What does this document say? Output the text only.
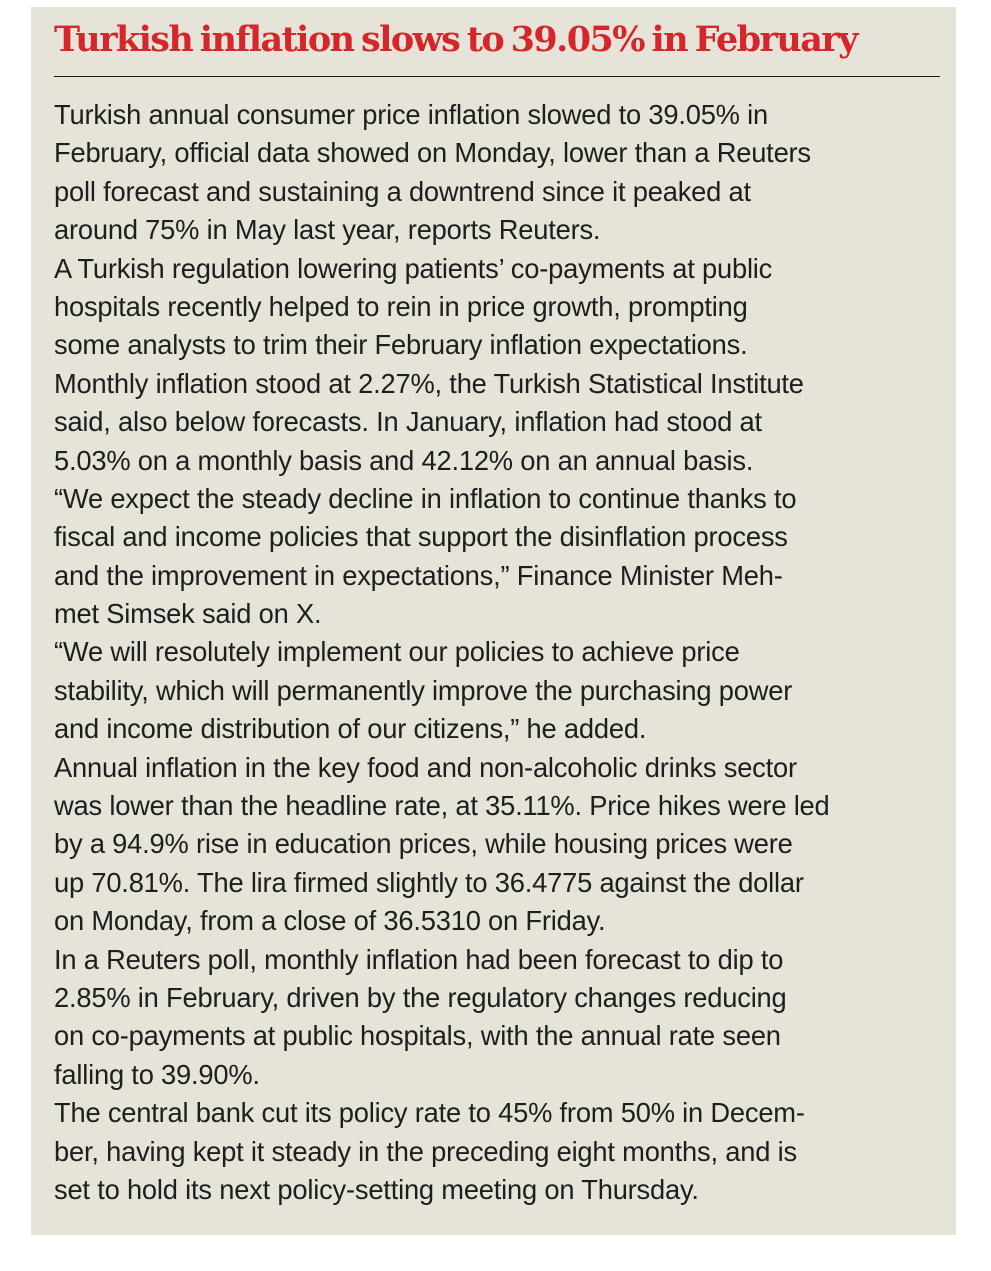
Turkish inflation slows to 39.05% in February
Turkish annual consumer price inflation slowed to 39.05% in
February, official data showed on Monday, lower than a Reuters
poll forecast and sustaining a downtrend since it peaked at
around 75% in May last year, reports Reuters.
A Turkish regulation lowering patients’ co-payments at public
hospitals recently helped to rein in price growth, prompting
some analysts to trim their February inflation expectations.
Monthly inflation stood at 2.27%, the Turkish Statistical Institute
said, also below forecasts. In January, inflation had stood at
5.03% on a monthly basis and 42.12% on an annual basis.
“We expect the steady decline in inflation to continue thanks to
fiscal and income policies that support the disinflation process
and the improvement in expectations,” Finance Minister Meh-
met Simsek said on X.
“We will resolutely implement our policies to achieve price
stability, which will permanently improve the purchasing power
and income distribution of our citizens,” he added.
Annual inflation in the key food and non-alcoholic drinks sector
was lower than the headline rate, at 35.11%. Price hikes were led
by a 94.9% rise in education prices, while housing prices were
up 70.81%. The lira firmed slightly to 36.4775 against the dollar
on Monday, from a close of 36.5310 on Friday.
In a Reuters poll, monthly inflation had been forecast to dip to
2.85% in February, driven by the regulatory changes reducing
on co-payments at public hospitals, with the annual rate seen
falling to 39.90%.
The central bank cut its policy rate to 45% from 50% in Decem-
ber, having kept it steady in the preceding eight months, and is
set to hold its next policy-setting meeting on Thursday.
